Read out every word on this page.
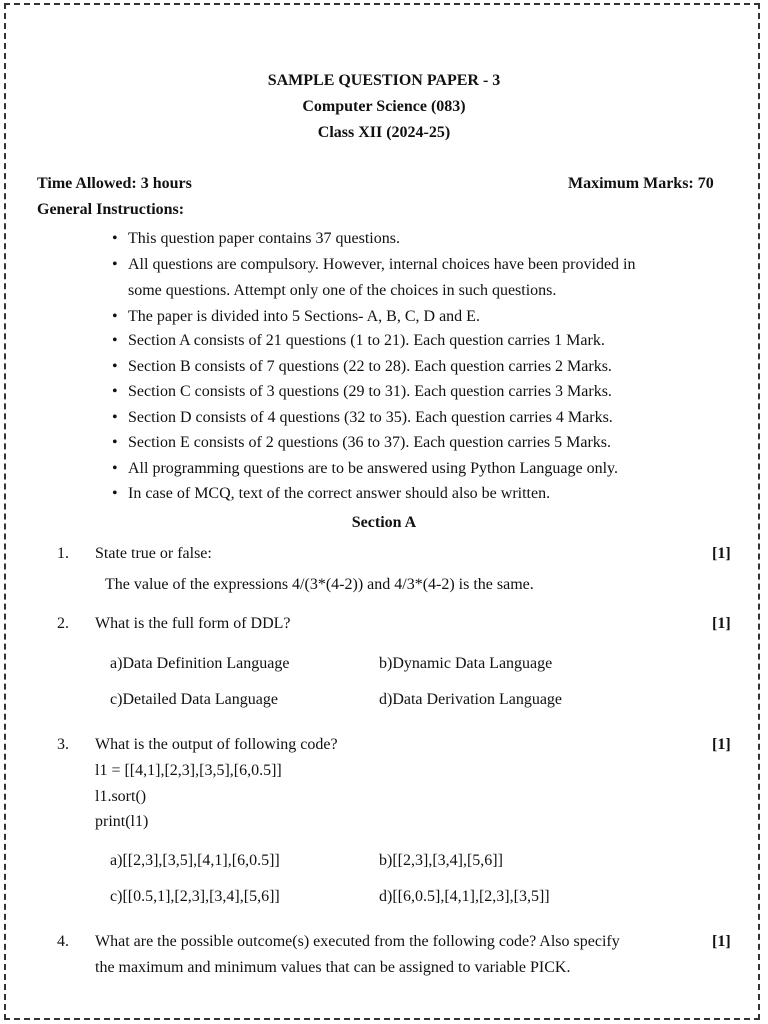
SAMPLE QUESTION PAPER - 3
Computer Science (083)
Class XII (2024-25)
Time Allowed: 3 hours	Maximum Marks: 70
General Instructions:
• This question paper contains 37 questions.
• All questions are compulsory. However, internal choices have been provided in
some questions. Attempt only one of the choices in such questions.
• The paper is divided into 5 Sections- A, B, C, D and E.
• Section A consists of 21 questions (1 to 21). Each question carries 1 Mark.
• Section B consists of 7 questions (22 to 28). Each question carries 2 Marks.
• Section C consists of 3 questions (29 to 31). Each question carries 3 Marks.
• Section D consists of 4 questions (32 to 35). Each question carries 4 Marks.
• Section E consists of 2 questions (36 to 37). Each question carries 5 Marks.
• All programming questions are to be answered using Python Language only.
• In case of MCQ, text of the correct answer should also be written.
Section A
1. State true or false:	[1]
The value of the expressions 4/(3*(4-2)) and 4/3*(4-2) is the same.
2. What is the full form of DDL?	[1]
a)Data Definition Language	b)Dynamic Data Language
c)Detailed Data Language	d)Data Derivation Language
3. What is the output of following code?	[1]
l1 = [[4,1],[2,3],[3,5],[6,0.5]]
l1.sort()
print(l1)
a)[[2,3],[3,5],[4,1],[6,0.5]]	b)[[2,3],[3,4],[5,6]]
c)[[0.5,1],[2,3],[3,4],[5,6]]	d)[[6,0.5],[4,1],[2,3],[3,5]]
4. What are the possible outcome(s) executed from the following code? Also specify	[1]
the maximum and minimum values that can be assigned to variable PICK.
